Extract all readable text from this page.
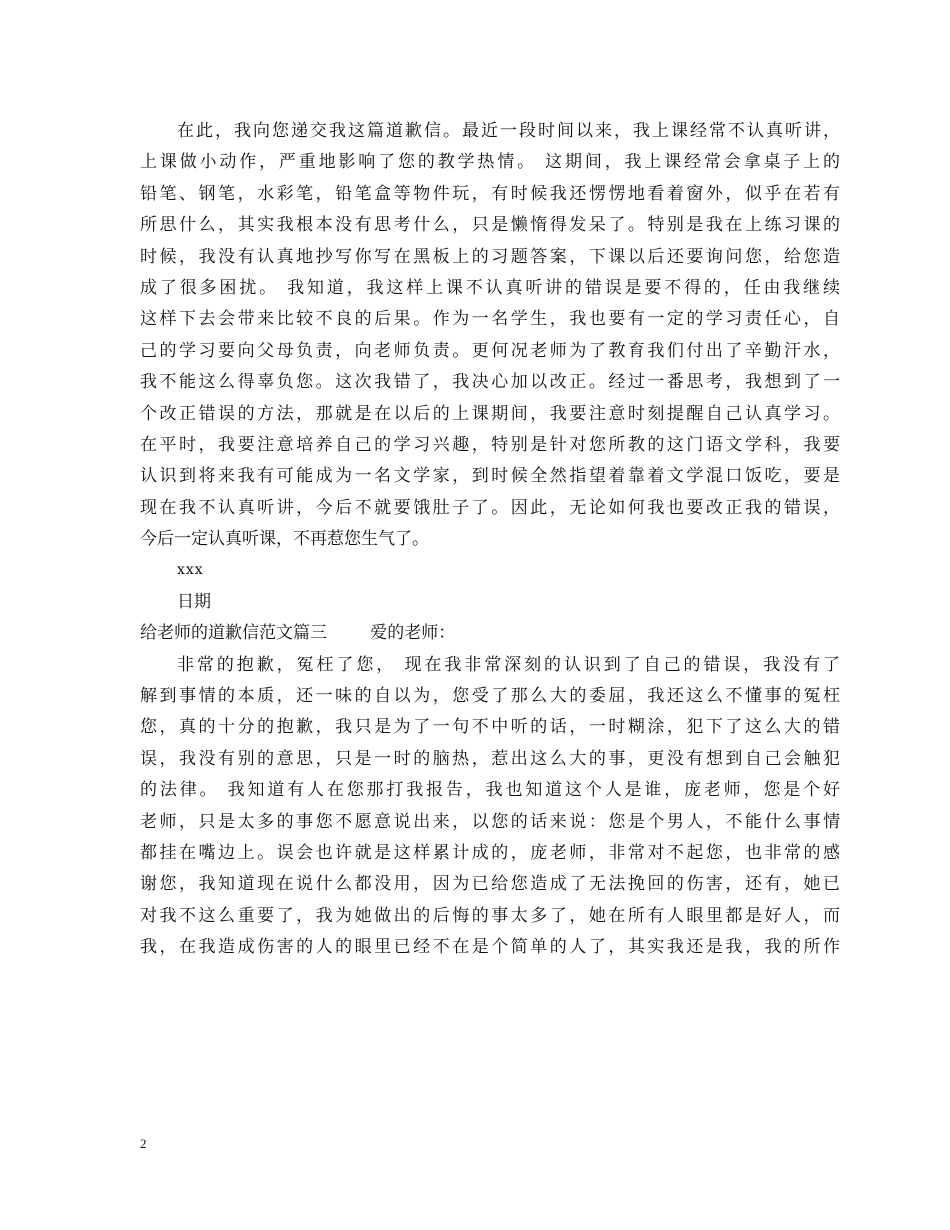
在此，我向您递交我这篇道歉信。最近一段时间以来，我上课经常不认真听讲，
上课做小动作，严重地影响了您的教学热情。 这期间，我上课经常会拿桌子上的
铅笔、钢笔，水彩笔，铅笔盒等物件玩，有时候我还愣愣地看着窗外，似乎在若有
所思什么，其实我根本没有思考什么，只是懒惰得发呆了。特别是我在上练习课的
时候，我没有认真地抄写你写在黑板上的习题答案，下课以后还要询问您，给您造
成了很多困扰。 我知道，我这样上课不认真听讲的错误是要不得的，任由我继续
这样下去会带来比较不良的后果。作为一名学生，我也要有一定的学习责任心，自
己的学习要向父母负责，向老师负责。更何况老师为了教育我们付出了辛勤汗水，
我不能这么得辜负您。这次我错了，我决心加以改正。经过一番思考，我想到了一
个改正错误的方法，那就是在以后的上课期间，我要注意时刻提醒自己认真学习。
在平时，我要注意培养自己的学习兴趣，特别是针对您所教的这门语文学科，我要
认识到将来我有可能成为一名文学家，到时候全然指望着靠着文学混口饭吃，要是
现在我不认真听讲，今后不就要饿肚子了。因此，无论如何我也要改正我的错误，
今后一定认真听课，不再惹您生气了。
xxx
日期
给老师的道歉信范文篇三        爱的老师：
非常的抱歉，冤枉了您， 现在我非常深刻的认识到了自己的错误，我没有了
解到事情的本质，还一味的自以为，您受了那么大的委屈，我还这么不懂事的冤枉
您，真的十分的抱歉，我只是为了一句不中听的话，一时糊涂，犯下了这么大的错
误，我没有别的意思，只是一时的脑热，惹出这么大的事，更没有想到自己会触犯
的法律。 我知道有人在您那打我报告，我也知道这个人是谁，庞老师，您是个好
老师，只是太多的事您不愿意说出来，以您的话来说：您是个男人，不能什么事情
都挂在嘴边上。误会也许就是这样累计成的，庞老师，非常对不起您，也非常的感
谢您，我知道现在说什么都没用，因为已给您造成了无法挽回的伤害，还有，她已
对我不这么重要了，我为她做出的后悔的事太多了，她在所有人眼里都是好人，而
我，在我造成伤害的人的眼里已经不在是个简单的人了，其实我还是我，我的所作
2
